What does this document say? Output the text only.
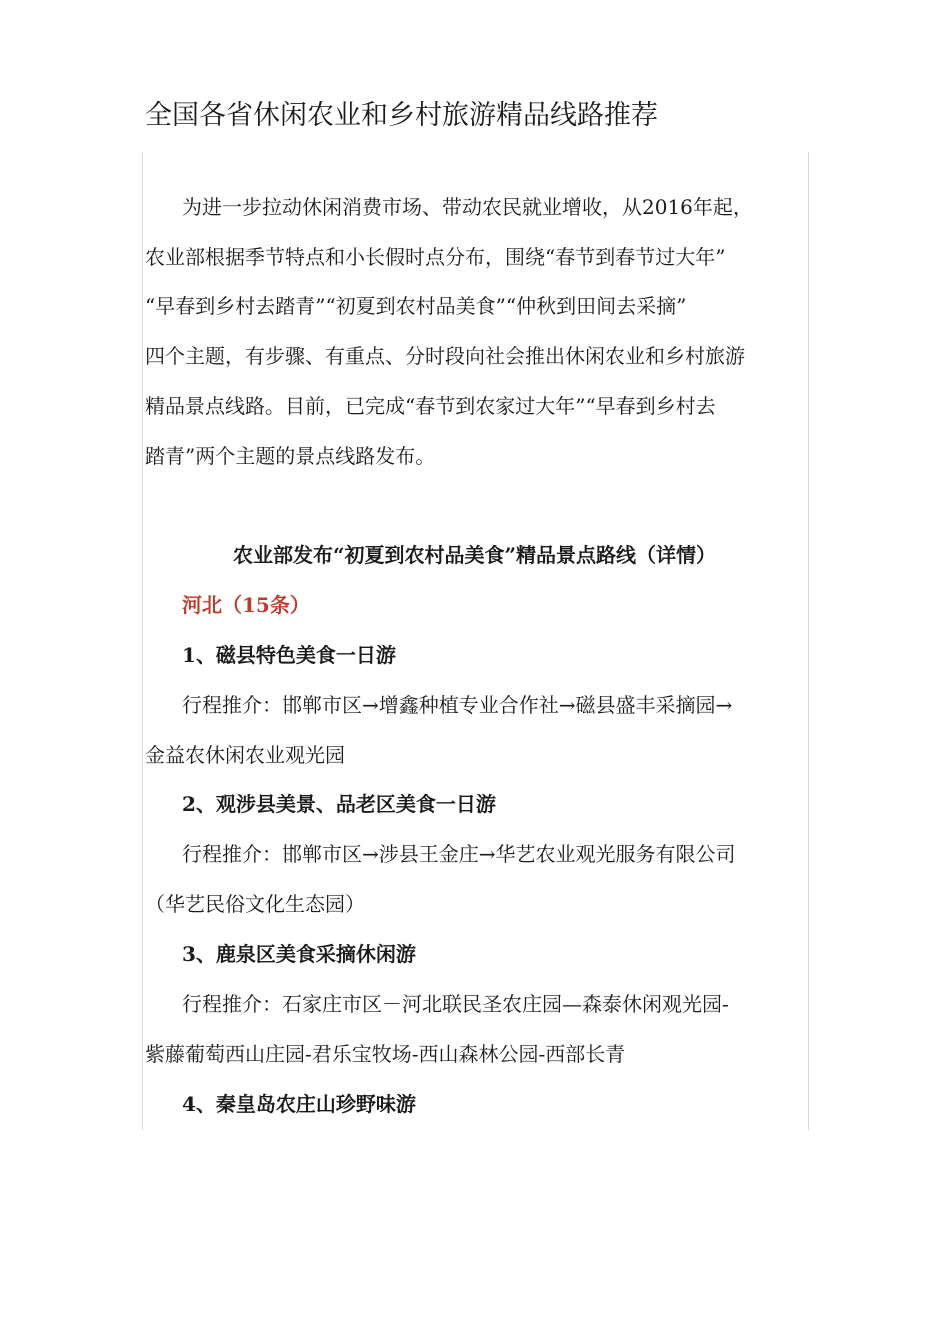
全国各省休闲农业和乡村旅游精品线路推荐

为进一步拉动休闲消费市场、带动农民就业增收，从2016年起，

农业部根据季节特点和小长假时点分布，围绕“春节到春节过大年”

“早春到乡村去踏青”“初夏到农村品美食”“仲秋到田间去采摘”

四个主题，有步骤、有重点、分时段向社会推出休闲农业和乡村旅游

精品景点线路。目前，已完成“春节到农家过大年”“早春到乡村去

踏青”两个主题的景点线路发布。

农业部发布“初夏到农村品美食”精品景点路线（详情）

河北（15条）

1、磁县特色美食一日游

行程推介：邯郸市区→增鑫种植专业合作社→磁县盛丰采摘园→

金益农休闲农业观光园

2、观涉县美景、品老区美食一日游

行程推介：邯郸市区→涉县王金庄→华艺农业观光服务有限公司

（华艺民俗文化生态园）

3、鹿泉区美食采摘休闲游

行程推介：石家庄市区－河北联民圣农庄园—森泰休闲观光园-

紫藤葡萄西山庄园-君乐宝牧场-西山森林公园-西部长青

4、秦皇岛农庄山珍野味游
